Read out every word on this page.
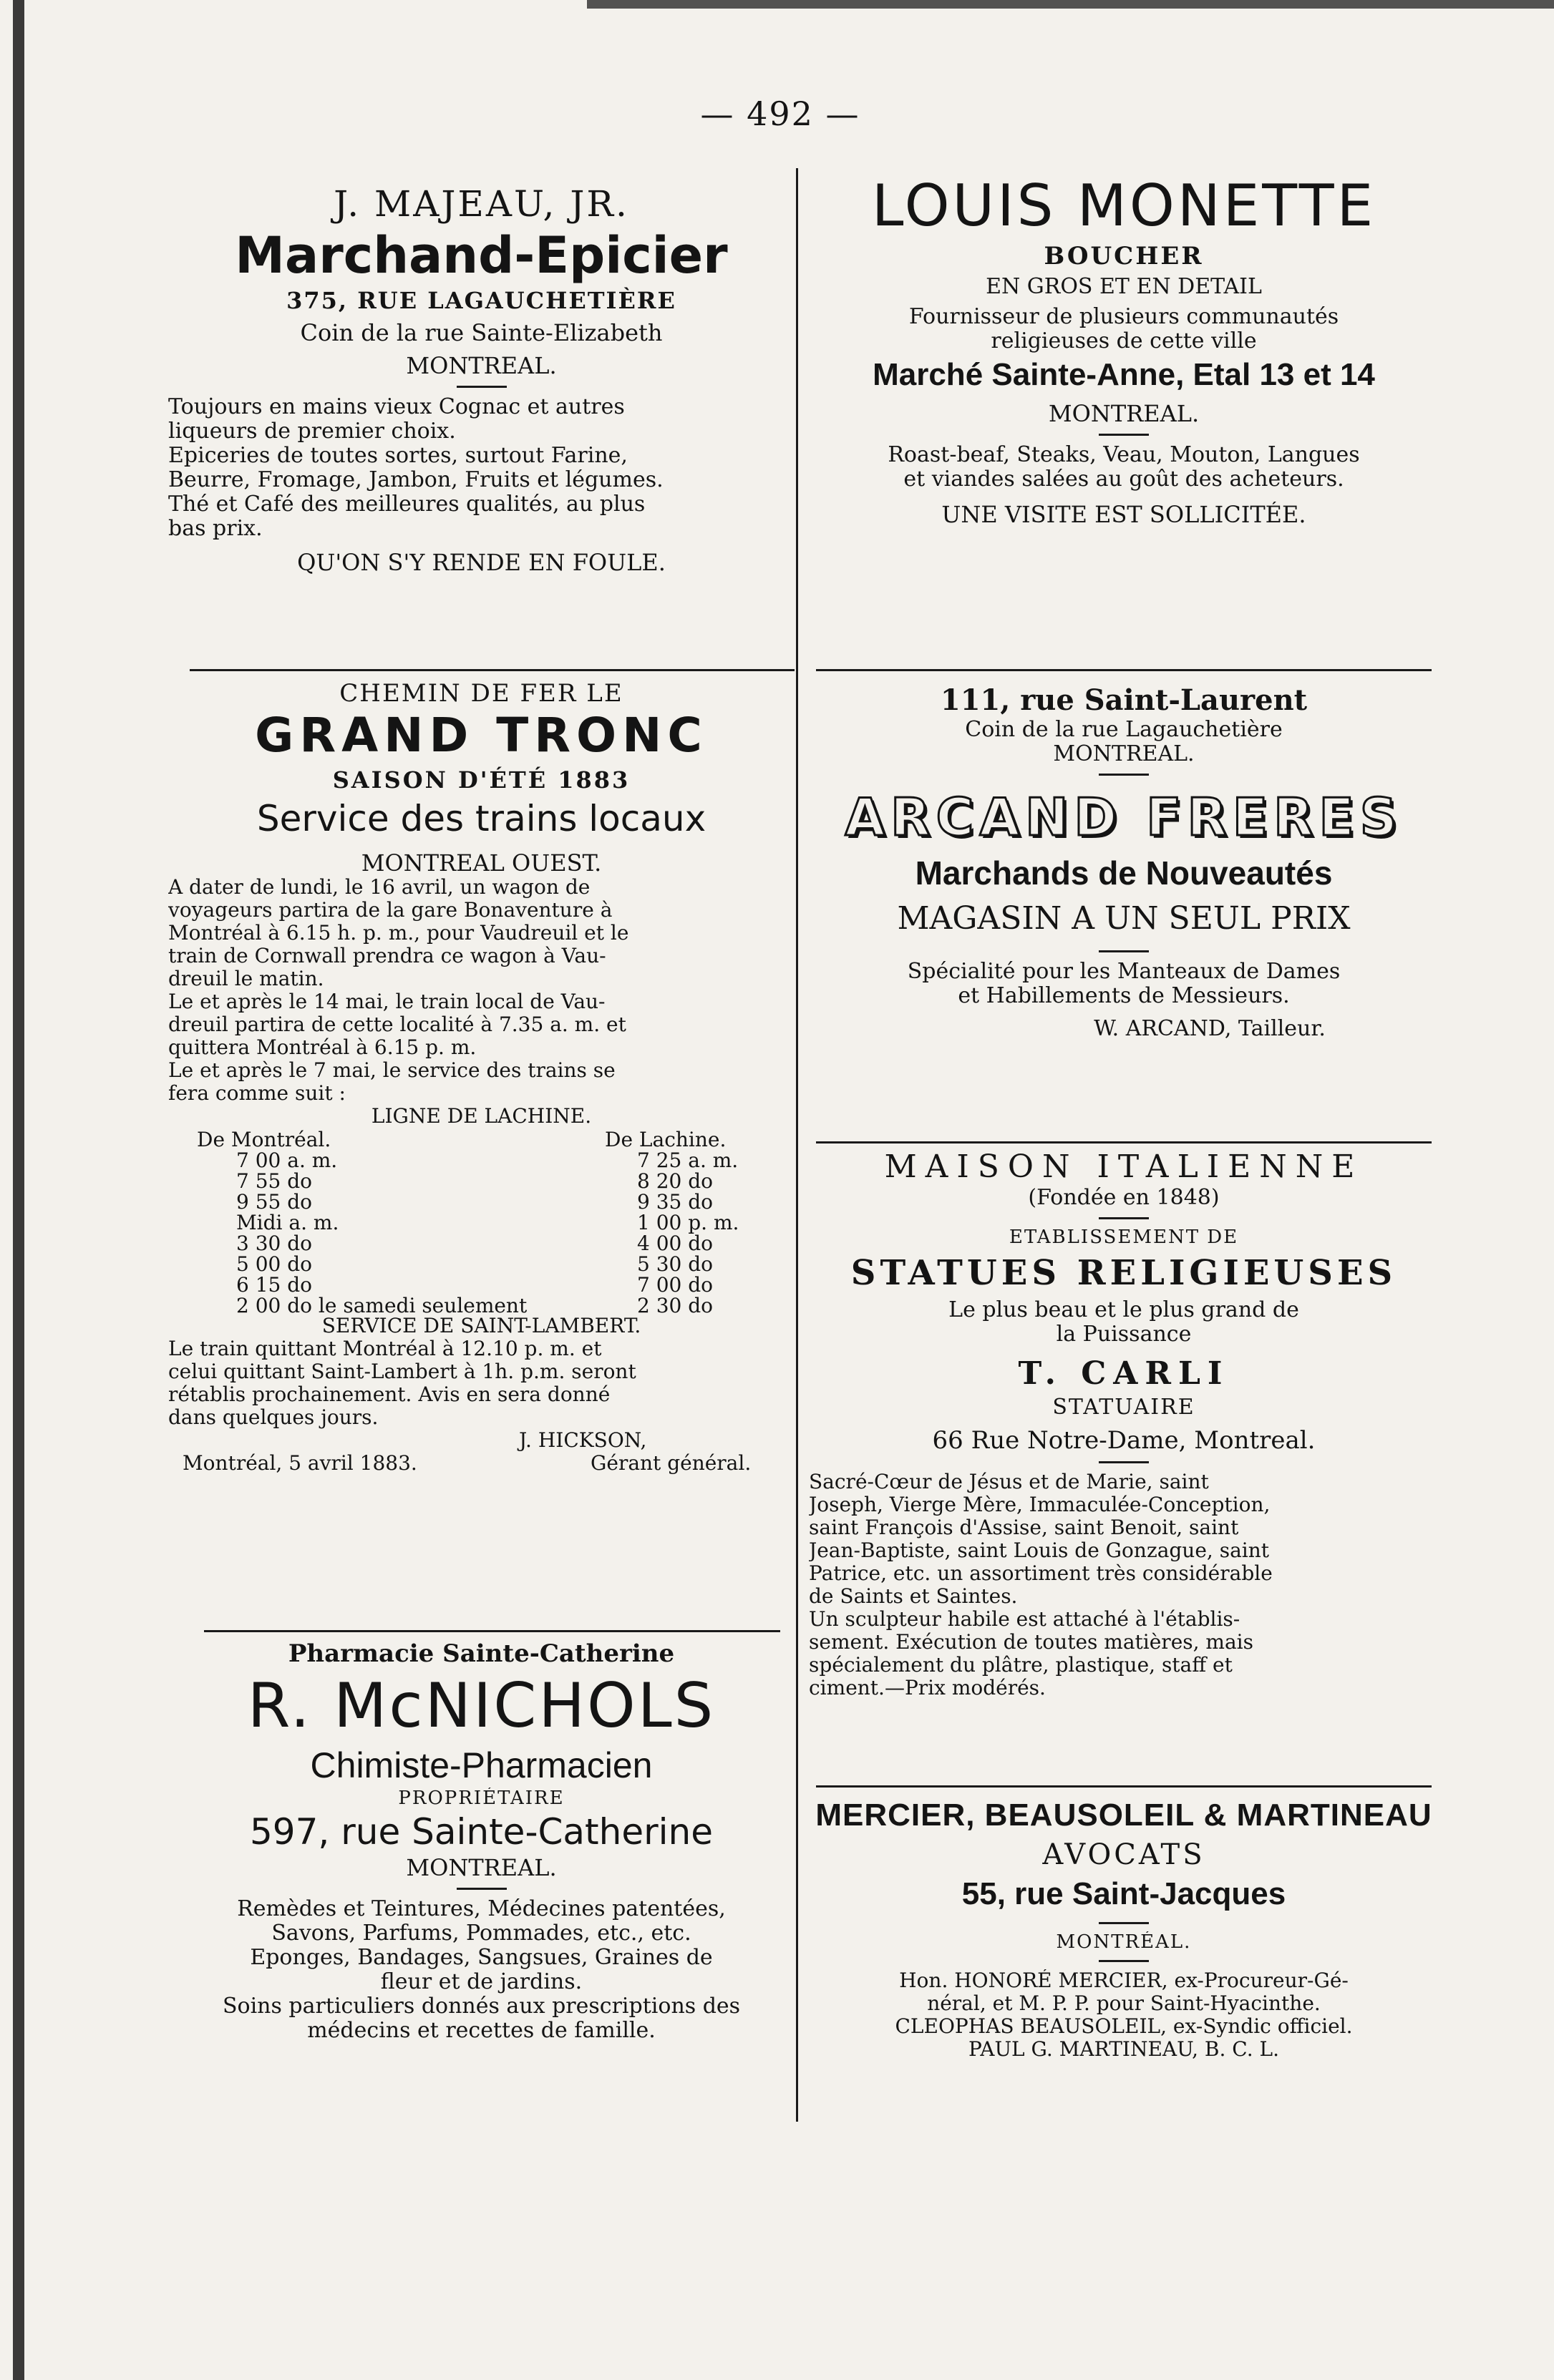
— 492 —
J. MAJEAU, JR.
Marchand-Epicier
375, RUE LAGAUCHETIÈRE
Coin de la rue Sainte-Elizabeth
MONTREAL.
Toujours en mains vieux Cognac et autres
liqueurs de premier choix.
Epiceries de toutes sortes, surtout Farine,
Beurre, Fromage, Jambon, Fruits et légumes.
Thé et Café des meilleures qualités, au plus
bas prix.
QU'ON S'Y RENDE EN FOULE.
CHEMIN DE FER LE
GRAND TRONC
SAISON D'ÉTÉ 1883
Service des trains locaux
MONTREAL OUEST.
A dater de lundi, le 16 avril, un wagon de
voyageurs partira de la gare Bonaventure à
Montréal à 6.15 h. p. m., pour Vaudreuil et le
train de Cornwall prendra ce wagon à Vau-
dreuil le matin.
Le et après le 14 mai, le train local de Vau-
dreuil partira de cette localité à 7.35 a. m. et
quittera Montréal à 6.15 p. m.
Le et après le 7 mai, le service des trains se
fera comme suit :
LIGNE DE LACHINE.
De Montréal.	De Lachine.
7 00 a. m.	7 25 a. m.
7 55 do	8 20 do
9 55 do	9 35 do
Midi a. m.	1 00 p. m.
3 30 do	4 00 do
5 00 do	5 30 do
6 15 do	7 00 do
2 00 do le samedi seulement	2 30 do
SERVICE DE SAINT-LAMBERT.
Le train quittant Montréal à 12.10 p. m. et
celui quittant Saint-Lambert à 1h. p.m. seront
rétablis prochainement. Avis en sera donné
dans quelques jours.
J. HICKSON,
Montréal, 5 avril 1883.	Gérant général.
Pharmacie Sainte-Catherine
R. McNICHOLS
Chimiste-Pharmacien
PROPRIÉTAIRE
597, rue Sainte-Catherine
MONTREAL.
Remèdes et Teintures, Médecines patentées,
Savons, Parfums, Pommades, etc., etc.
Eponges, Bandages, Sangsues, Graines de
fleur et de jardins.
Soins particuliers donnés aux prescriptions des
médecins et recettes de famille.
LOUIS MONETTE
BOUCHER
EN GROS ET EN DETAIL
Fournisseur de plusieurs communautés
religieuses de cette ville
Marché Sainte-Anne, Etal 13 et 14
MONTREAL.
Roast-beaf, Steaks, Veau, Mouton, Langues
et viandes salées au goût des acheteurs.
UNE VISITE EST SOLLICITÉE.
111, rue Saint-Laurent
Coin de la rue Lagauchetière
MONTREAL.
ARCAND FRERES
Marchands de Nouveautés
MAGASIN A UN SEUL PRIX
Spécialité pour les Manteaux de Dames
et Habillements de Messieurs.
W. ARCAND, Tailleur.
MAISON ITALIENNE
(Fondée en 1848)
ETABLISSEMENT DE
STATUES RELIGIEUSES
Le plus beau et le plus grand de
la Puissance
T. CARLI
STATUAIRE
66 Rue Notre-Dame, Montreal.
Sacré-Cœur de Jésus et de Marie, saint
Joseph, Vierge Mère, Immaculée-Conception,
saint François d'Assise, saint Benoit, saint
Jean-Baptiste, saint Louis de Gonzague, saint
Patrice, etc. un assortiment très considérable
de Saints et Saintes.
Un sculpteur habile est attaché à l'établis-
sement. Exécution de toutes matières, mais
spécialement du plâtre, plastique, staff et
ciment.—Prix modérés.
MERCIER, BEAUSOLEIL & MARTINEAU
AVOCATS
55, rue Saint-Jacques
MONTRÉAL.
Hon. HONORÉ MERCIER, ex-Procureur-Gé-
néral, et M. P. P. pour Saint-Hyacinthe.
CLEOPHAS BEAUSOLEIL, ex-Syndic officiel.
PAUL G. MARTINEAU, B. C. L.
